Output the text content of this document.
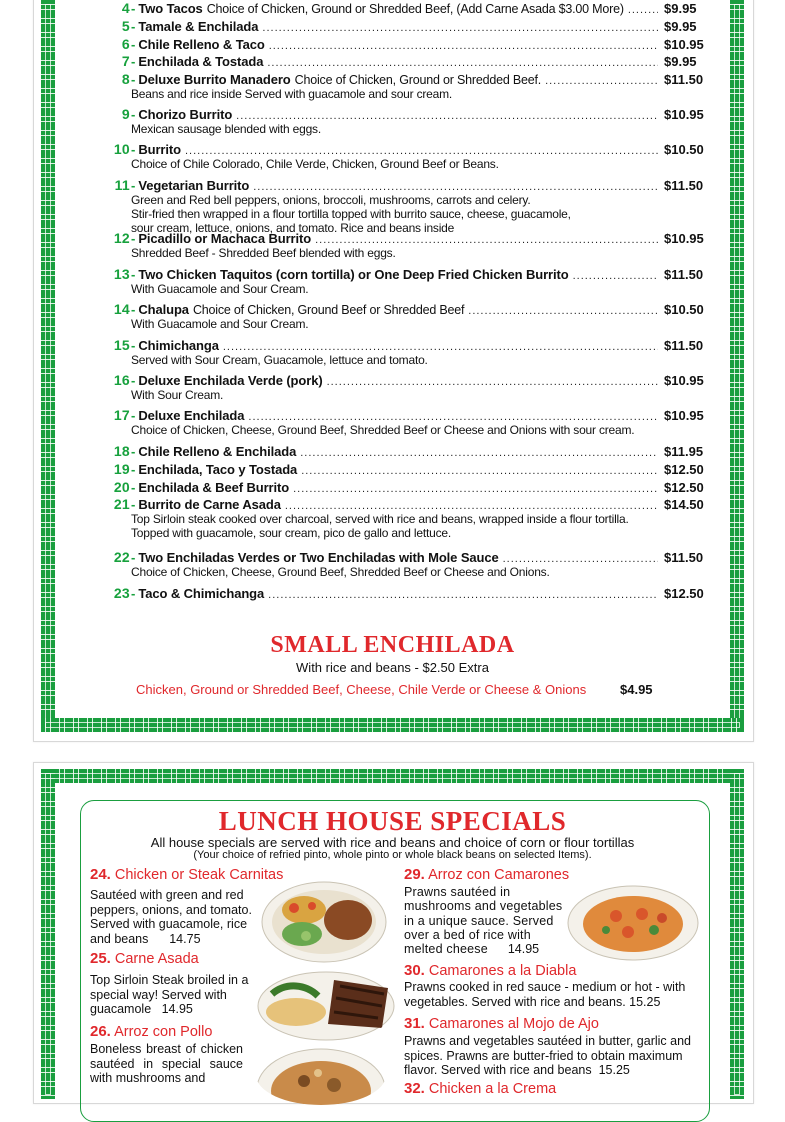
4 - Two Tacos Choice of Chicken, Ground or Shredded Beef, (Add Carne Asada $3.00 More) .....	$9.95
5 - Tamale & Enchilada .....	$9.95
6 - Chile Relleno & Taco .....	$10.95
7 - Enchilada & Tostada .....	$9.95
8 - Deluxe Burrito Manadero Choice of Chicken, Ground or Shredded Beef. .....	$11.50
Beans and rice inside Served with guacamole and sour cream.
9 - Chorizo Burrito .....	$10.95
Mexican sausage blended with eggs.
10 - Burrito .....	$10.50
Choice of Chile Colorado, Chile Verde, Chicken, Ground Beef or Beans.
11 - Vegetarian Burrito .....	$11.50
Green and Red bell peppers, onions, broccoli, mushrooms, carrots and celery.
Stir-fried then wrapped in a flour tortilla topped with burrito sauce, cheese, guacamole,
sour cream, lettuce, onions, and tomato. Rice and beans inside
12 - Picadillo or Machaca Burrito .....	$10.95
Shredded Beef - Shredded Beef blended with eggs.
13 - Two Chicken Taquitos (corn tortilla) or One Deep Fried Chicken Burrito .....	$11.50
With Guacamole and Sour Cream.
14 - Chalupa Choice of Chicken, Ground Beef or Shredded Beef .....	$10.50
With Guacamole and Sour Cream.
15 - Chimichanga .....	$11.50
Served with Sour Cream, Guacamole, lettuce and tomato.
16 - Deluxe Enchilada Verde (pork) .....	$10.95
With Sour Cream.
17 - Deluxe Enchilada .....	$10.95
Choice of Chicken, Cheese, Ground Beef, Shredded Beef or Cheese and Onions with sour cream.
18 - Chile Relleno & Enchilada .....	$11.95
19 - Enchilada, Taco y Tostada .....	$12.50
20 - Enchilada & Beef Burrito .....	$12.50
21 - Burrito de Carne Asada .....	$14.50
Top Sirloin steak cooked over charcoal, served with rice and beans, wrapped inside a flour tortilla.
Topped with guacamole, sour cream, pico de gallo and lettuce.
22 - Two Enchiladas Verdes or Two Enchiladas with Mole Sauce .....	$11.50
Choice of Chicken, Cheese, Ground Beef, Shredded Beef or Cheese and Onions.
23 - Taco & Chimichanga .....	$12.50
SMALL ENCHILADA
With rice and beans - $2.50 Extra
Chicken, Ground or Shredded Beef, Cheese, Chile Verde or Cheese & Onions	$4.95
LUNCH HOUSE SPECIALS
All house specials are served with rice and beans and choice of corn or flour tortillas
(Your choice of refried pinto, whole pinto or whole black beans on selected Items).
24. Chicken or Steak Carnitas
Sautéed with green and red peppers, onions, and tomato. Served with guacamole, rice and beans 14.75
25. Carne Asada
Top Sirloin Steak broiled in a special way! Served with guacamole 14.95
26. Arroz con Pollo
Boneless breast of chicken sautéed in special sauce with mushrooms and
29. Arroz con Camarones
Prawns sautéed in mushrooms and vegetables in a unique sauce. Served over a bed of rice with melted cheese 14.95
30. Camarones a la Diabla
Prawns cooked in red sauce - medium or hot - with vegetables. Served with rice and beans. 15.25
31. Camarones al Mojo de Ajo
Prawns and vegetables sautéed in butter, garlic and spices. Prawns are butter-fried to obtain maximum flavor. Served with rice and beans 15.25
32. Chicken a la Crema
